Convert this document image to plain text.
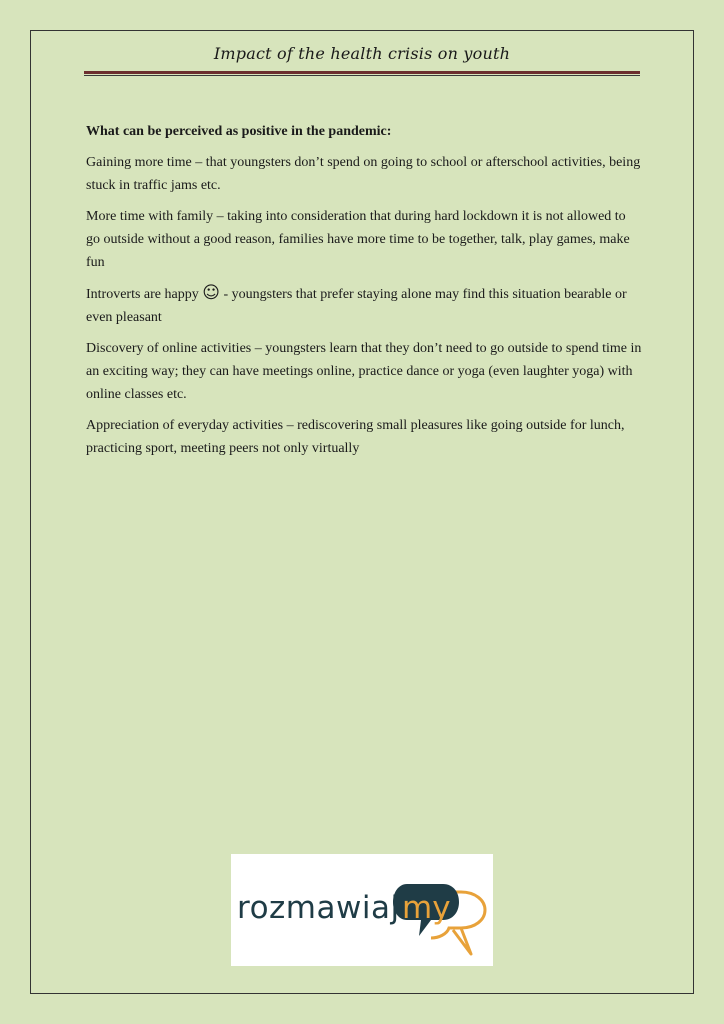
Impact of the health crisis on youth

What can be perceived as positive in the pandemic:

Gaining more time – that youngsters don’t spend on going to school or afterschool activities, being stuck in traffic jams etc.

More time with family – taking into consideration that during hard lockdown it is not allowed to go outside without a good reason, families have more time to be together, talk, play games, make fun

Introverts are happy ☺ - youngsters that prefer staying alone may find this situation bearable or even pleasant

Discovery of online activities – youngsters learn that they don’t need to go outside to spend time in an exciting way; they can have meetings online, practice dance or yoga (even laughter yoga) with online classes etc.

Appreciation of everyday activities – rediscovering small pleasures like going outside for lunch, practicing sport, meeting peers not only virtually

rozmawiaj my
